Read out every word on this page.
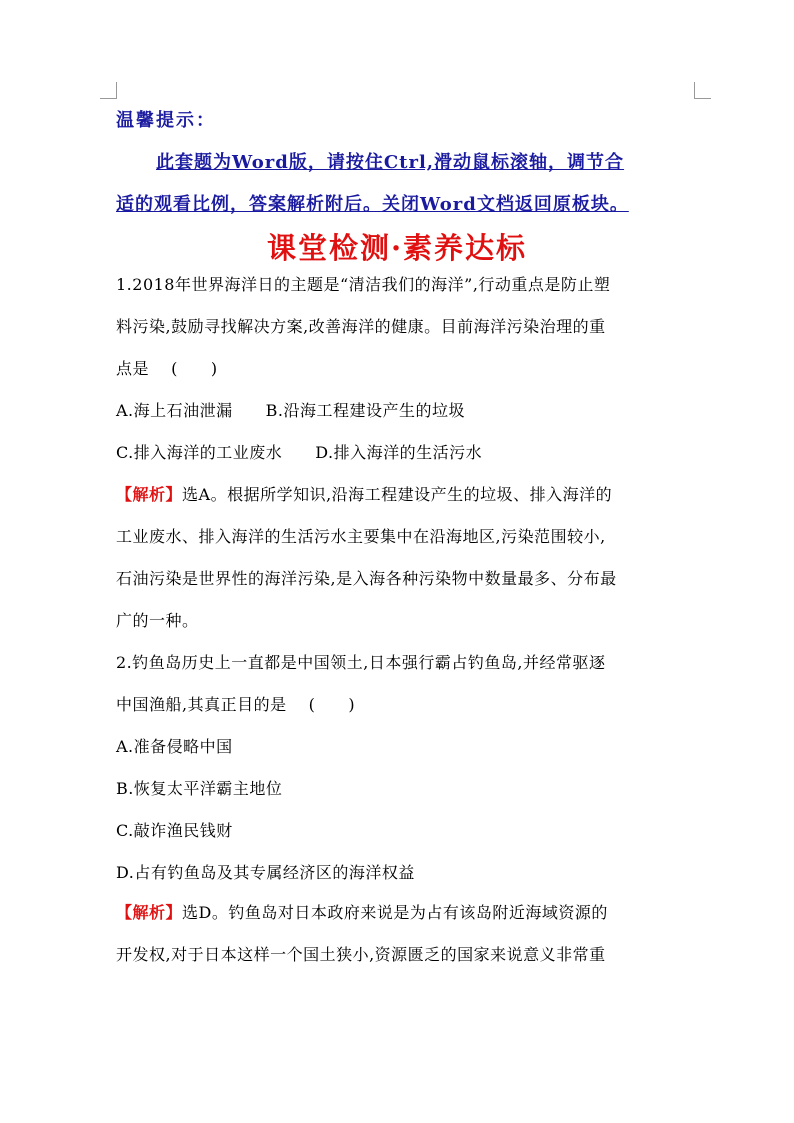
温馨提示：
此套题为Word版，请按住Ctrl,滑动鼠标滚轴，调节合
适的观看比例，答案解析附后。关闭Word文档返回原板块。
课堂检测·素养达标
1.2018年世界海洋日的主题是“清洁我们的海洋”,行动重点是防止塑
料污染,鼓励寻找解决方案,改善海洋的健康。目前海洋污染治理的重
点是　 (　　)
A.海上石油泄漏　　B.沿海工程建设产生的垃圾
C.排入海洋的工业废水　　D.排入海洋的生活污水
【解析】选A。根据所学知识,沿海工程建设产生的垃圾、排入海洋的
工业废水、排入海洋的生活污水主要集中在沿海地区,污染范围较小,
石油污染是世界性的海洋污染,是入海各种污染物中数量最多、分布最
广的一种。
2.钓鱼岛历史上一直都是中国领土,日本强行霸占钓鱼岛,并经常驱逐
中国渔船,其真正目的是　 (　　)
A.准备侵略中国
B.恢复太平洋霸主地位
C.敲诈渔民钱财
D.占有钓鱼岛及其专属经济区的海洋权益
【解析】选D。钓鱼岛对日本政府来说是为占有该岛附近海域资源的
开发权,对于日本这样一个国土狭小,资源匮乏的国家来说意义非常重
